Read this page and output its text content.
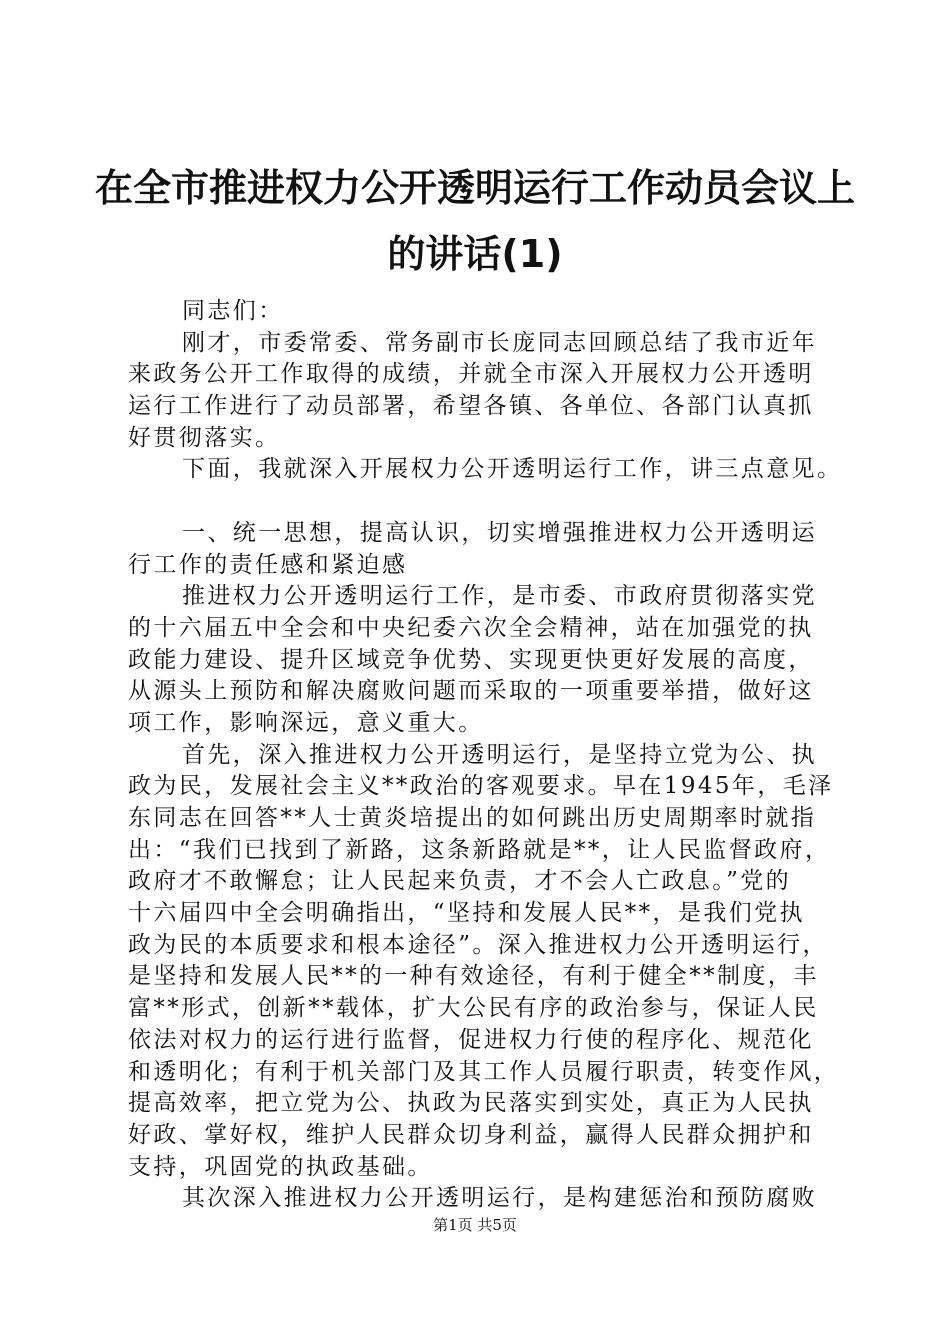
在全市推进权力公开透明运行工作动员会议上
的讲话(1)
同志们：
刚才，市委常委、常务副市长庞同志回顾总结了我市近年
来政务公开工作取得的成绩，并就全市深入开展权力公开透明
运行工作进行了动员部署，希望各镇、各单位、各部门认真抓
好贯彻落实。
下面，我就深入开展权力公开透明运行工作，讲三点意见。
一、统一思想，提高认识，切实增强推进权力公开透明运
行工作的责任感和紧迫感
推进权力公开透明运行工作，是市委、市政府贯彻落实党
的十六届五中全会和中央纪委六次全会精神，站在加强党的执
政能力建设、提升区域竞争优势、实现更快更好发展的高度，
从源头上预防和解决腐败问题而采取的一项重要举措，做好这
项工作，影响深远，意义重大。
首先，深入推进权力公开透明运行，是坚持立党为公、执
政为民，发展社会主义**政治的客观要求。早在1945年，毛泽
东同志在回答**人士黄炎培提出的如何跳出历史周期率时就指
出：“我们已找到了新路，这条新路就是**，让人民监督政府，
政府才不敢懈怠；让人民起来负责，才不会人亡政息。”党的
十六届四中全会明确指出，“坚持和发展人民**，是我们党执
政为民的本质要求和根本途径”。深入推进权力公开透明运行，
是坚持和发展人民**的一种有效途径，有利于健全**制度，丰
富**形式，创新**载体，扩大公民有序的政治参与，保证人民
依法对权力的运行进行监督，促进权力行使的程序化、规范化
和透明化；有利于机关部门及其工作人员履行职责，转变作风，
提高效率，把立党为公、执政为民落实到实处，真正为人民执
好政、掌好权，维护人民群众切身利益，赢得人民群众拥护和
支持，巩固党的执政基础。
其次深入推进权力公开透明运行，是构建惩治和预防腐败
第1页 共5页
